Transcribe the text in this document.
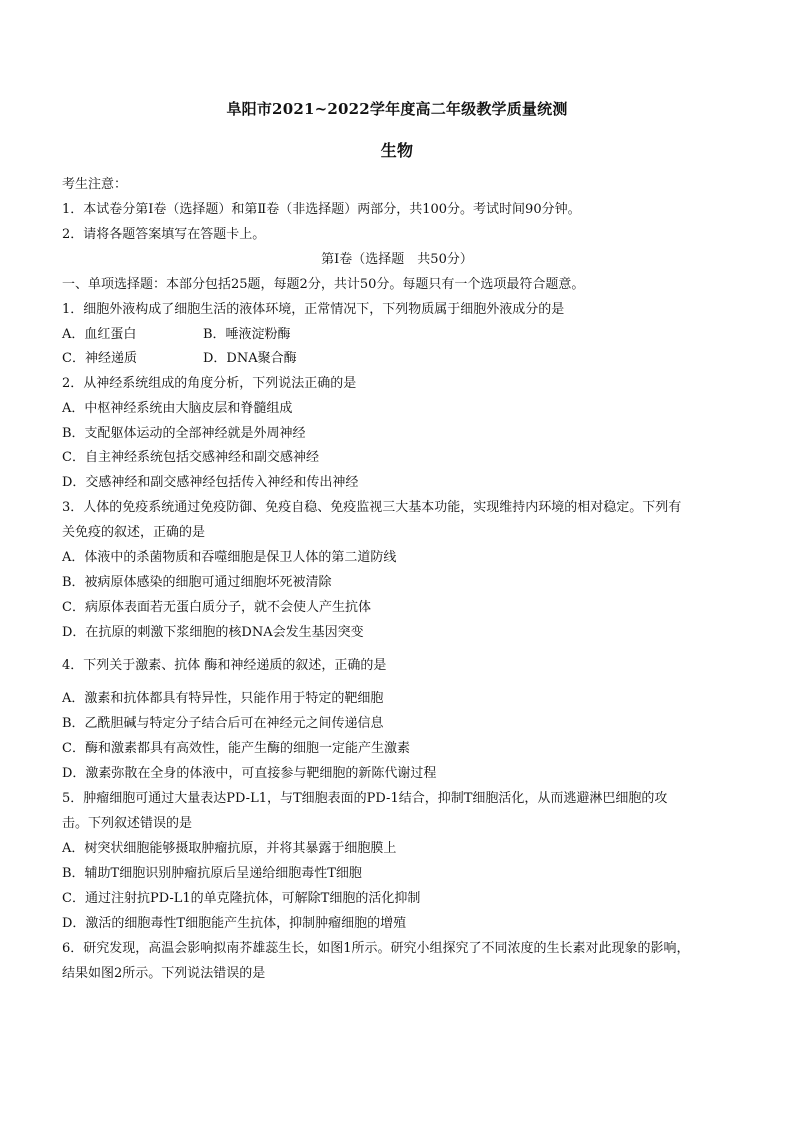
阜阳市2021~2022学年度高二年级教学质量统测
生物
考生注意：
1．本试卷分第Ⅰ卷（选择题）和第Ⅱ卷（非选择题）两部分，共100分。考试时间90分钟。
2．请将各题答案填写在答题卡上。
第Ⅰ卷（选择题　共50分）
一、单项选择题：本部分包括25题，每题2分，共计50分。每题只有一个选项最符合题意。
1．细胞外液构成了细胞生活的液体环境，正常情况下，下列物质属于细胞外液成分的是
A．血红蛋白	B．唾液淀粉酶
C．神经递质	D．DNA聚合酶
2．从神经系统组成的角度分析，下列说法正确的是
A．中枢神经系统由大脑皮层和脊髓组成
B．支配躯体运动的全部神经就是外周神经
C．自主神经系统包括交感神经和副交感神经
D．交感神经和副交感神经包括传入神经和传出神经
3．人体的免疫系统通过免疫防御、免疫自稳、免疫监视三大基本功能，实现维持内环境的相对稳定。下列有
关免疫的叙述，正确的是
A．体液中的杀菌物质和吞噬细胞是保卫人体的第二道防线
B．被病原体感染的细胞可通过细胞坏死被清除
C．病原体表面若无蛋白质分子，就不会使人产生抗体
D．在抗原的刺激下浆细胞的核DNA会发生基因突变
4．下列关于激素、抗体 酶和神经递质的叙述，正确的是
A．激素和抗体都具有特异性，只能作用于特定的靶细胞
B．乙酰胆碱与特定分子结合后可在神经元之间传递信息
C．酶和激素都具有高效性，能产生酶的细胞一定能产生激素
D．激素弥散在全身的体液中，可直接参与靶细胞的新陈代谢过程
5．肿瘤细胞可通过大量表达PD-L1，与T细胞表面的PD-1结合，抑制T细胞活化，从而逃避淋巴细胞的攻
击。下列叙述错误的是
A．树突状细胞能够摄取肿瘤抗原，并将其暴露于细胞膜上
B．辅助T细胞识别肿瘤抗原后呈递给细胞毒性T细胞
C．通过注射抗PD-L1的单克隆抗体，可解除T细胞的活化抑制
D．激活的细胞毒性T细胞能产生抗体，抑制肿瘤细胞的增殖
6．研究发现，高温会影响拟南芥雄蕊生长，如图1所示。研究小组探究了不同浓度的生长素对此现象的影响，
结果如图2所示。下列说法错误的是
